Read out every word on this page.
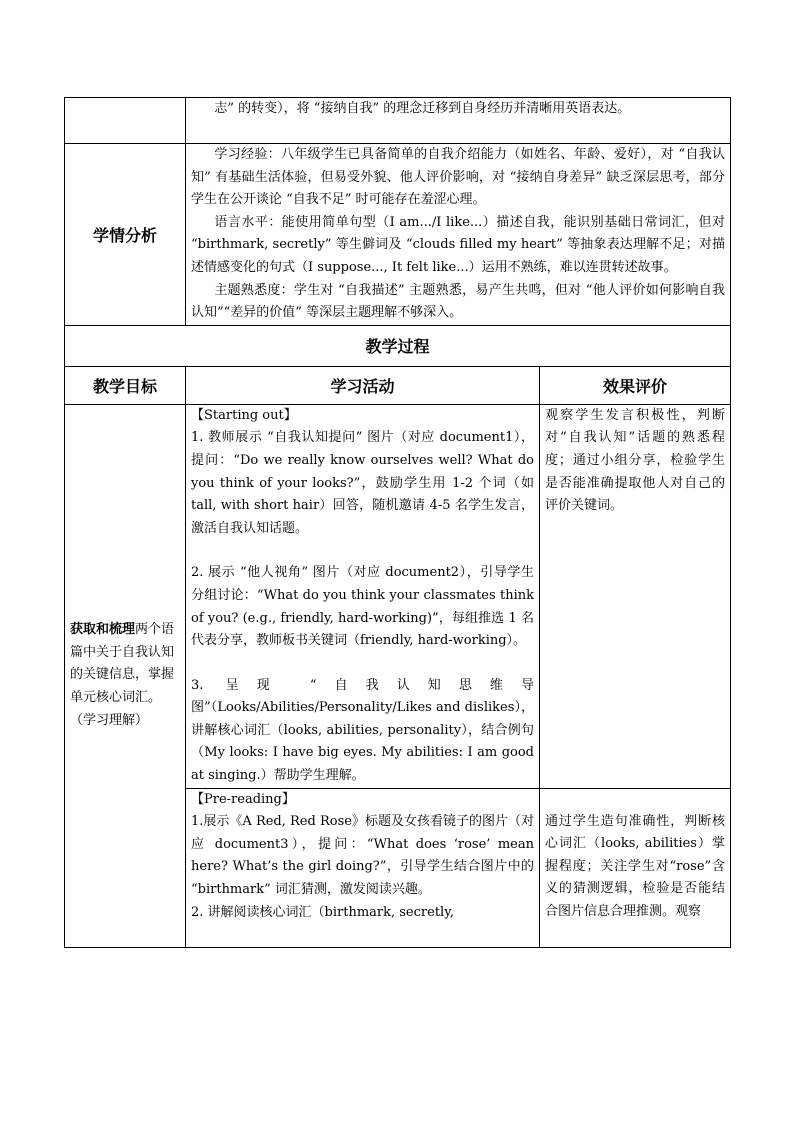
	志” 的转变），将 “接纳自我” 的理念迁移到自身经历并清晰用英语表达。	

学情分析	学习经验：八年级学生已具备简单的自我介绍能力（如姓名、年龄、爱好），对 “自我认知” 有基础生活体验，但易受外貌、他人评价影响，对 “接纳自身差异” 缺乏深层思考，部分学生在公开谈论 “自我不足” 时可能存在羞涩心理。

语言水平：能使用简单句型（I am.../I like...）描述自我，能识别基础日常词汇，但对 “birthmark, secretly” 等生僻词及 “clouds filled my heart” 等抽象表达理解不足；对描述情感变化的句式（I suppose..., It felt like...）运用不熟练，难以连贯转述故事。

主题熟悉度：学生对 “自我描述” 主题熟悉，易产生共鸣，但对 “他人评价如何影响自我认知”“差异的价值” 等深层主题理解不够深入。	

教学过程		
教学目标	学习活动	效果评价
获取和梳理两个语篇中关于自我认知的关键信息，掌握单元核心词汇。（学习理解）	【Starting out】

1. 教师展示 “自我认知提问” 图片（对应 document1），提问：“Do we really know ourselves well? What do you think of your looks?”，鼓励学生用 1-2 个词（如 tall, with short hair）回答，随机邀请 4-5 名学生发言，激活自我认知话题。

2. 展示 “他人视角” 图片（对应 document2），引导学生分组讨论：“What do you think your classmates think of you? (e.g., friendly, hard-working)”，每组推选 1 名代表分享，教师板书关键词（friendly, hard-working）。

3. 呈现 “自我认知思维导图”（Looks/Abilities/Personality/Likes and dislikes），讲解核心词汇（looks, abilities, personality），结合例句（My looks: I have big eyes. My abilities: I am good at singing.）帮助学生理解。	观察学生发言积极性，判断对“自我认知”话题的熟悉程度；通过小组分享，检验学生是否能准确提取他人对自己的评价关键词。

	【Pre-reading】

1.展示《A Red, Red Rose》标题及女孩看镜子的图片（对应 document3），提问：“What does ‘rose’ mean here? What’s the girl doing?”，引导学生结合图片中的 “birthmark” 词汇猜测，激发阅读兴趣。

2. 讲解阅读核心词汇（birthmark, secretly,	通过学生造句准确性，判断核心词汇（looks, abilities）掌握程度；关注学生对“rose”含义的猜测逻辑，检验是否能结合图片信息合理推测。观察
